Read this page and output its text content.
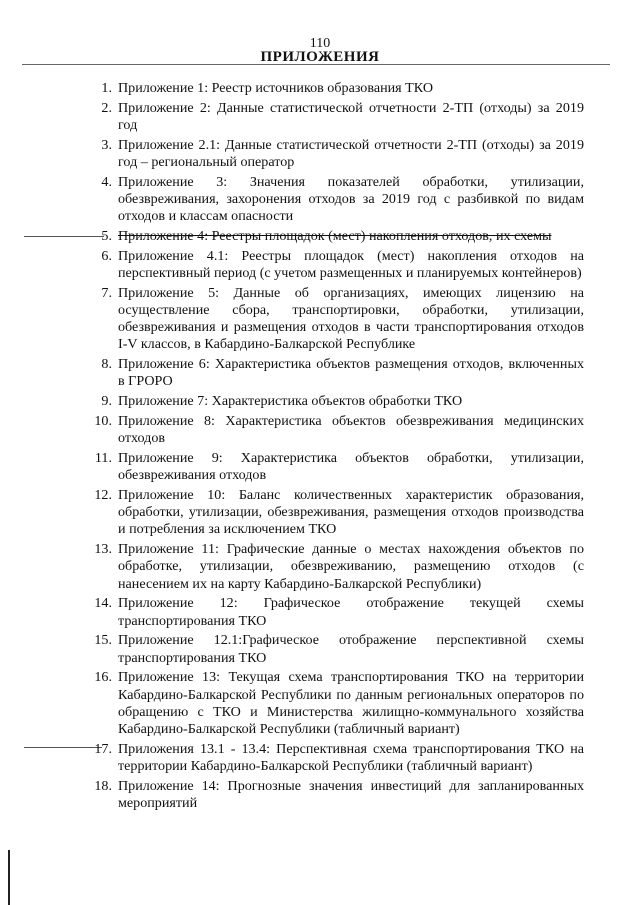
110
ПРИЛОЖЕНИЯ
1. Приложение 1: Реестр источников образования ТКО
2. Приложение 2: Данные статистической отчетности 2-ТП (отходы) за 2019 год
3. Приложение 2.1: Данные статистической отчетности 2-ТП (отходы) за 2019 год – региональный оператор
4. Приложение 3: Значения показателей обработки, утилизации, обезвреживания, захоронения отходов за 2019 год с разбивкой по видам отходов и классам опасности
5. Приложение 4: Реестры площадок (мест) накопления отходов, их схемы
6. Приложение 4.1: Реестры площадок (мест) накопления отходов на перспективный период (с учетом размещенных и планируемых контейнеров)
7. Приложение 5: Данные об организациях, имеющих лицензию на осуществление сбора, транспортировки, обработки, утилизации, обезвреживания и размещения отходов в части транспортирования отходов I-V классов, в Кабардино-Балкарской Республике
8. Приложение 6: Характеристика объектов размещения отходов, включенных в ГРОРО
9. Приложение 7: Характеристика объектов обработки ТКО
10. Приложение 8: Характеристика объектов обезвреживания медицинских отходов
11. Приложение 9: Характеристика объектов обработки, утилизации, обезвреживания отходов
12. Приложение 10: Баланс количественных характеристик образования, обработки, утилизации, обезвреживания, размещения отходов производства и потребления за исключением ТКО
13. Приложение 11: Графические данные о местах нахождения объектов по обработке, утилизации, обезвреживанию, размещению отходов (с нанесением их на карту Кабардино-Балкарской Республики)
14. Приложение 12: Графическое отображение текущей схемы транспортирования ТКО
15. Приложение 12.1:Графическое отображение перспективной схемы транспортирования ТКО
16. Приложение 13: Текущая схема транспортирования ТКО на территории Кабардино-Балкарской Республики по данным региональных операторов по обращению с ТКО и Министерства жилищно-коммунального хозяйства Кабардино-Балкарской Республики (табличный вариант)
17. Приложения 13.1 - 13.4: Перспективная схема транспортирования ТКО на территории Кабардино-Балкарской Республики (табличный вариант)
18. Приложение 14: Прогнозные значения инвестиций для запланированных мероприятий
